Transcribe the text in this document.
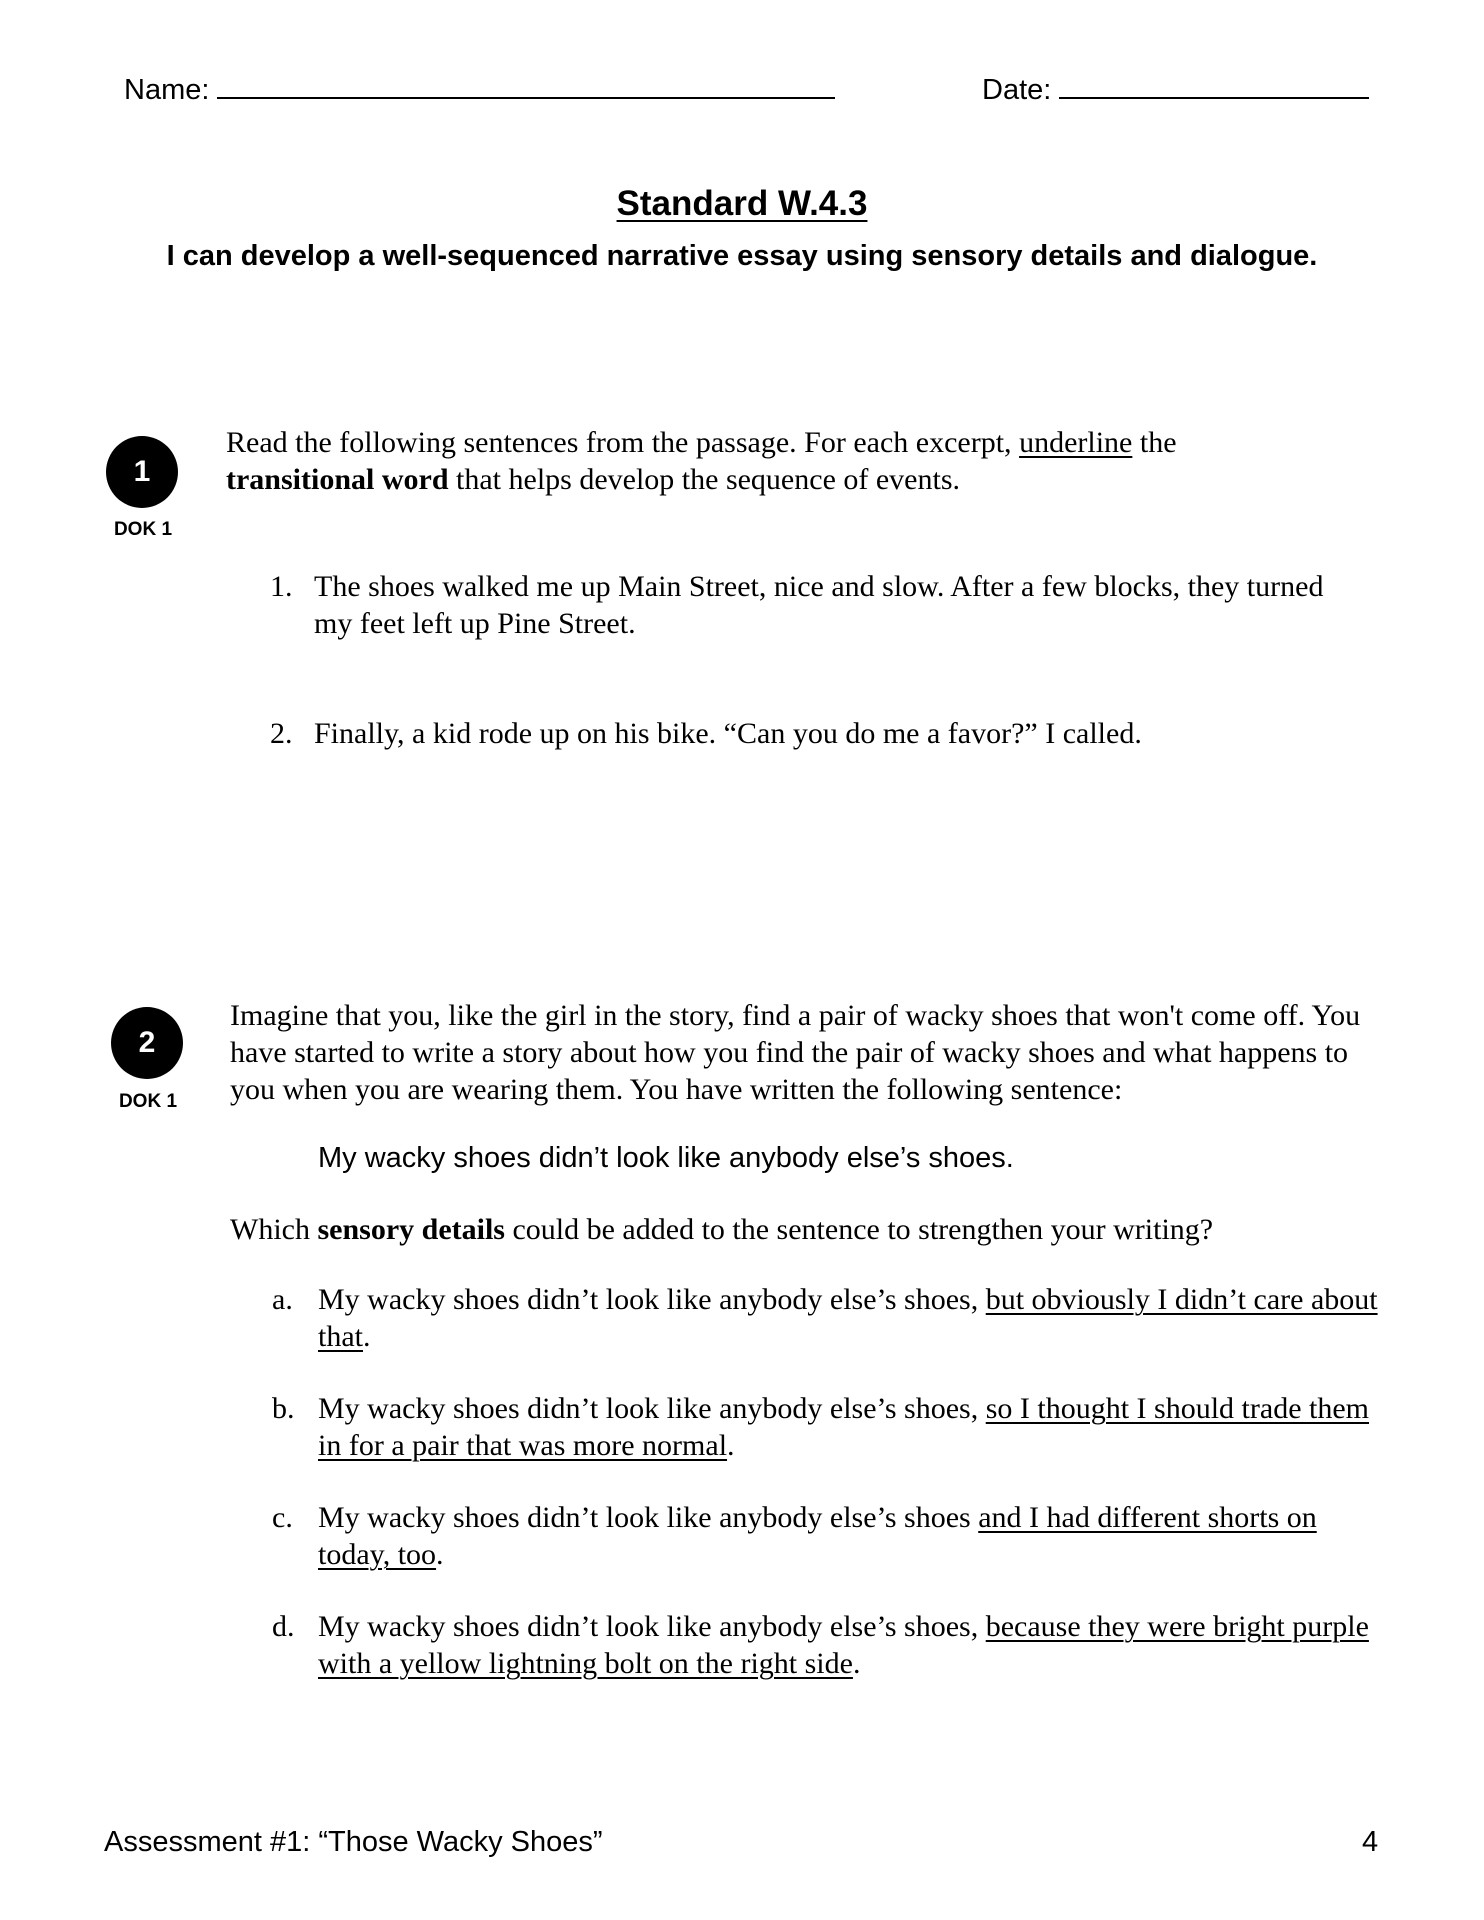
Name:	Date:
Standard W.4.3
I can develop a well-sequenced narrative essay using sensory details and dialogue.
1
DOK 1
Read the following sentences from the passage. For each excerpt, underline the
transitional word that helps develop the sequence of events.
1. The shoes walked me up Main Street, nice and slow. After a few blocks, they turned my feet left up Pine Street.
2. Finally, a kid rode up on his bike. “Can you do me a favor?” I called.
2
DOK 1
Imagine that you, like the girl in the story, find a pair of wacky shoes that won't come off. You have started to write a story about how you find the pair of wacky shoes and what happens to you when you are wearing them. You have written the following sentence:
My wacky shoes didn’t look like anybody else’s shoes.
Which sensory details could be added to the sentence to strengthen your writing?
a. My wacky shoes didn’t look like anybody else’s shoes, but obviously I didn’t care about that.
b. My wacky shoes didn’t look like anybody else’s shoes, so I thought I should trade them in for a pair that was more normal.
c. My wacky shoes didn’t look like anybody else’s shoes and I had different shorts on today, too.
d. My wacky shoes didn’t look like anybody else’s shoes, because they were bright purple with a yellow lightning bolt on the right side.
Assessment #1: “Those Wacky Shoes”	4
